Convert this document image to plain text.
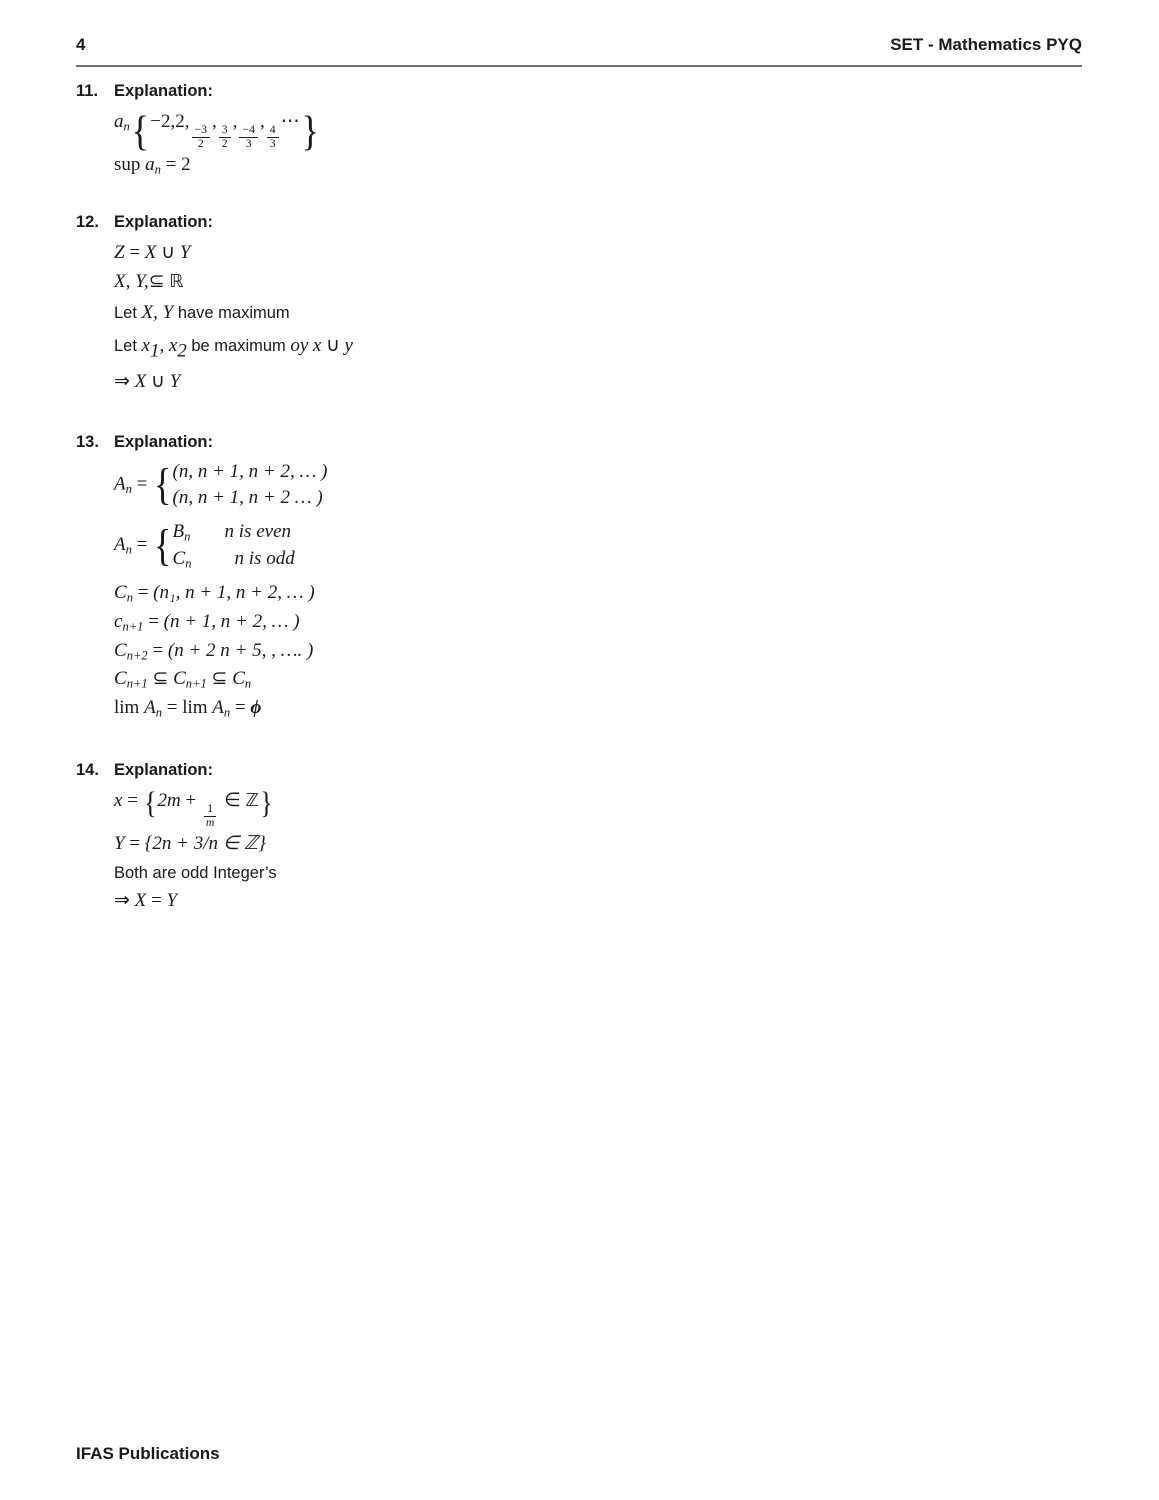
4	SET - Mathematics PYQ
11. Explanation:
$a_n\{-2,2$,
$\frac{-3}{2}$
,
$\frac{3}{2}$
,
$\frac{-4}{3}$
,
$\frac{4}{3}$
⋯}
sup $a_n = 2$
12. Explanation:
Z = X ∪ Y
X, Y,⊆ ℝ
Let X, Y have maximum
Let x1, x2 be maximum oy x ∪ y
⇒ X ∪ Y
13. Explanation:
$A_n$ = { (n, n + 1, n + 2, … )
(n, n + 1, n + 2 … )
$A_n$ = { $B_n$ n is even
$C_n$ n is odd
$C_n = (n_1$, n + 1, n + 2, … )
$c_{n+1} = (n + 1$, n + 2, … )
$C_{n+2} = (n + 2$ n + 5, , …. )
$C_{n+1}$ ⊆ $C_{n+1}$ ⊆ $C_n$
$\lim A_n = \lim A_n = \phi$
14. Explanation:
x = {2m +
$\frac{1}{m}$
∈ ℤ}
Y = {2n + 3/n ∈ ℤ}
Both are odd Integer’s
⇒ X = Y
IFAS Publications
